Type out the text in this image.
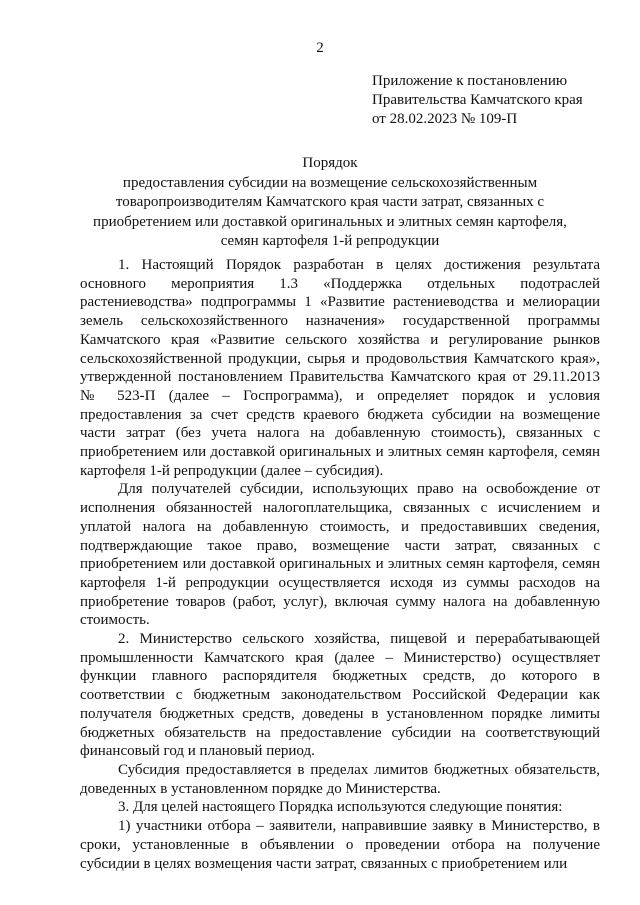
2
Приложение к постановлению
Правительства Камчатского края
от 28.02.2023 № 109-П
Порядок
предоставления субсидии на возмещение сельскохозяйственным
товаропроизводителям Камчатского края части затрат, связанных с
приобретением или доставкой оригинальных и элитных семян картофеля,
семян картофеля 1-й репродукции

1. Настоящий Порядок разработан в целях достижения результата основного мероприятия 1.3 «Поддержка отдельных подотраслей растениеводства» подпрограммы 1 «Развитие растениеводства и мелиорации земель сельскохозяйственного назначения» государственной программы Камчатского края «Развитие сельского хозяйства и регулирование рынков сельскохозяйственной продукции, сырья и продовольствия Камчатского края», утвержденной постановлением Правительства Камчатского края от 29.11.2013 № 523-П (далее – Госпрограмма), и определяет порядок и условия предоставления за счет средств краевого бюджета субсидии на возмещение части затрат (без учета налога на добавленную стоимость), связанных с приобретением или доставкой оригинальных и элитных семян картофеля, семян картофеля 1-й репродукции (далее – субсидия).

Для получателей субсидии, использующих право на освобождение от исполнения обязанностей налогоплательщика, связанных с исчислением и уплатой налога на добавленную стоимость, и предоставивших сведения, подтверждающие такое право, возмещение части затрат, связанных с приобретением или доставкой оригинальных и элитных семян картофеля, семян картофеля 1-й репродукции осуществляется исходя из суммы расходов на приобретение товаров (работ, услуг), включая сумму налога на добавленную стоимость.

2. Министерство сельского хозяйства, пищевой и перерабатывающей промышленности Камчатского края (далее – Министерство) осуществляет функции главного распорядителя бюджетных средств, до которого в соответствии с бюджетным законодательством Российской Федерации как получателя бюджетных средств, доведены в установленном порядке лимиты бюджетных обязательств на предоставление субсидии на соответствующий финансовый год и плановый период.

Субсидия предоставляется в пределах лимитов бюджетных обязательств, доведенных в установленном порядке до Министерства.

3. Для целей настоящего Порядка используются следующие понятия:

1) участники отбора – заявители, направившие заявку в Министерство, в сроки, установленные в объявлении о проведении отбора на получение субсидии в целях возмещения части затрат, связанных с приобретением или
